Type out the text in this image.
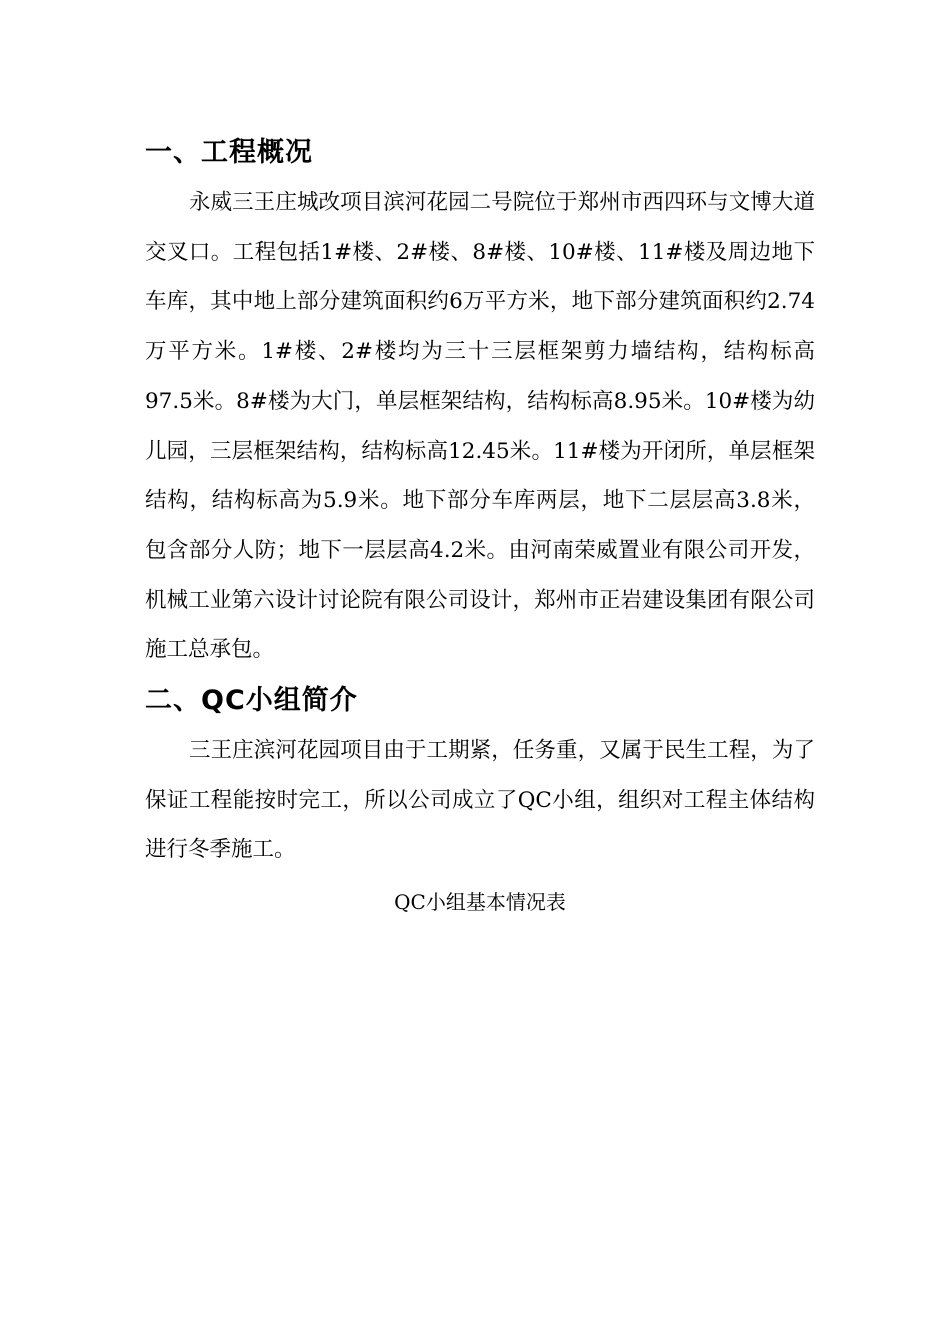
一、工程概况

永威三王庄城改项目滨河花园二号院位于郑州市西四环与文博大道交叉口。工程包括1#楼、2#楼、8#楼、10#楼、11#楼及周边地下车库，其中地上部分建筑面积约6万平方米，地下部分建筑面积约2.74万平方米。1#楼、2#楼均为三十三层框架剪力墙结构，结构标高97.5米。8#楼为大门，单层框架结构，结构标高8.95米。10#楼为幼儿园，三层框架结构，结构标高12.45米。11#楼为开闭所，单层框架结构，结构标高为5.9米。地下部分车库两层，地下二层层高3.8米，包含部分人防；地下一层层高4.2米。由河南荣威置业有限公司开发，机械工业第六设计讨论院有限公司设计，郑州市正岩建设集团有限公司施工总承包。

二、QC小组简介

三王庄滨河花园项目由于工期紧，任务重，又属于民生工程，为了保证工程能按时完工，所以公司成立了QC小组，组织对工程主体结构进行冬季施工。

QC小组基本情况表
